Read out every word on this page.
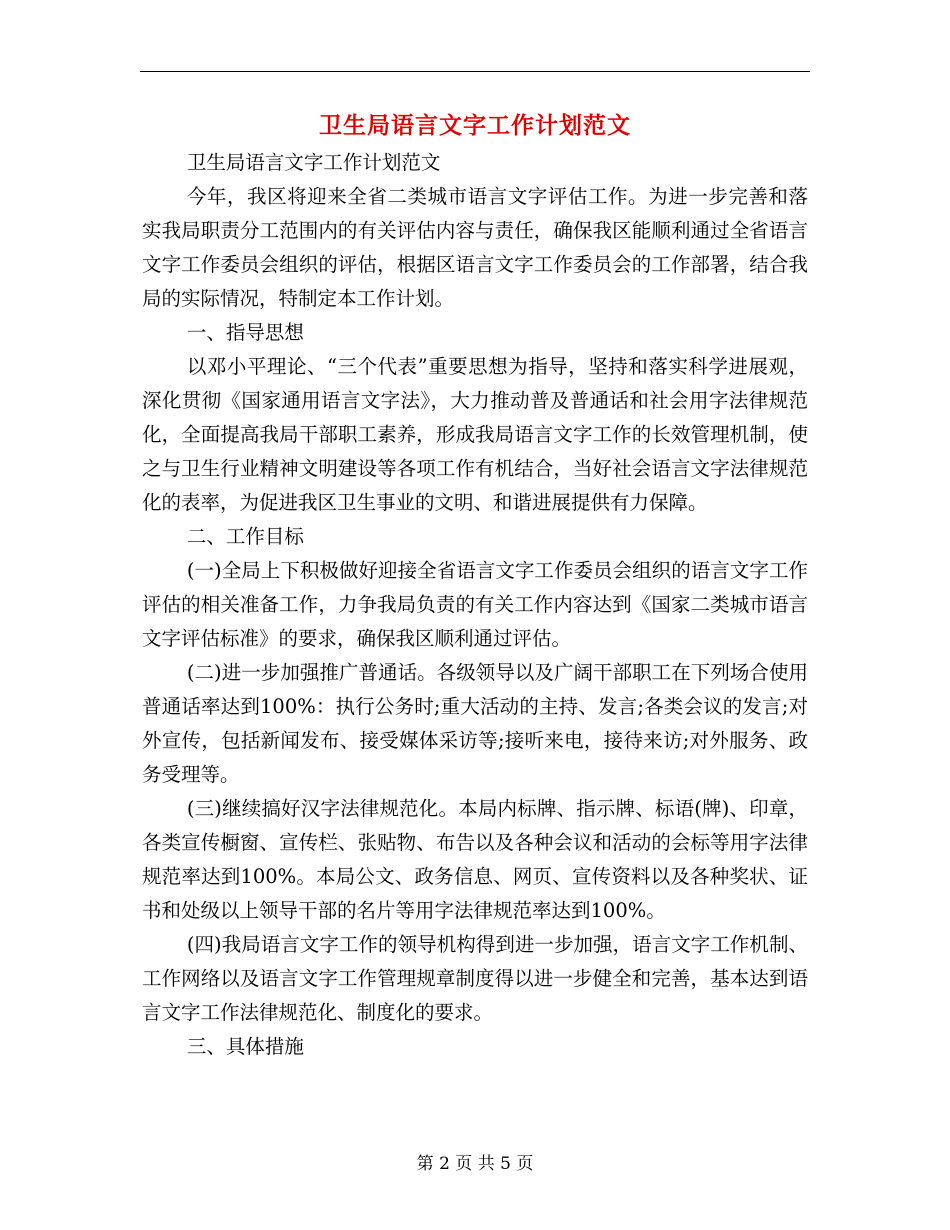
卫生局语言文字工作计划范文

卫生局语言文字工作计划范文

今年，我区将迎来全省二类城市语言文字评估工作。为进一步完善和落实我局职责分工范围内的有关评估内容与责任，确保我区能顺利通过全省语言文字工作委员会组织的评估，根据区语言文字工作委员会的工作部署，结合我局的实际情况，特制定本工作计划。

一、指导思想

以邓小平理论、“三个代表”重要思想为指导，坚持和落实科学进展观，深化贯彻《国家通用语言文字法》，大力推动普及普通话和社会用字法律规范化，全面提高我局干部职工素养，形成我局语言文字工作的长效管理机制，使之与卫生行业精神文明建设等各项工作有机结合，当好社会语言文字法律规范化的表率，为促进我区卫生事业的文明、和谐进展提供有力保障。

二、工作目标

(一)全局上下积极做好迎接全省语言文字工作委员会组织的语言文字工作评估的相关准备工作，力争我局负责的有关工作内容达到《国家二类城市语言文字评估标准》的要求，确保我区顺利通过评估。

(二)进一步加强推广普通话。各级领导以及广阔干部职工在下列场合使用普通话率达到100%：执行公务时;重大活动的主持、发言;各类会议的发言;对外宣传，包括新闻发布、接受媒体采访等;接听来电，接待来访;对外服务、政务受理等。

(三)继续搞好汉字法律规范化。本局内标牌、指示牌、标语(牌)、印章，各类宣传橱窗、宣传栏、张贴物、布告以及各种会议和活动的会标等用字法律规范率达到100%。本局公文、政务信息、网页、宣传资料以及各种奖状、证书和处级以上领导干部的名片等用字法律规范率达到100%。

(四)我局语言文字工作的领导机构得到进一步加强，语言文字工作机制、工作网络以及语言文字工作管理规章制度得以进一步健全和完善，基本达到语言文字工作法律规范化、制度化的要求。

三、具体措施

第 2 页 共 5 页
